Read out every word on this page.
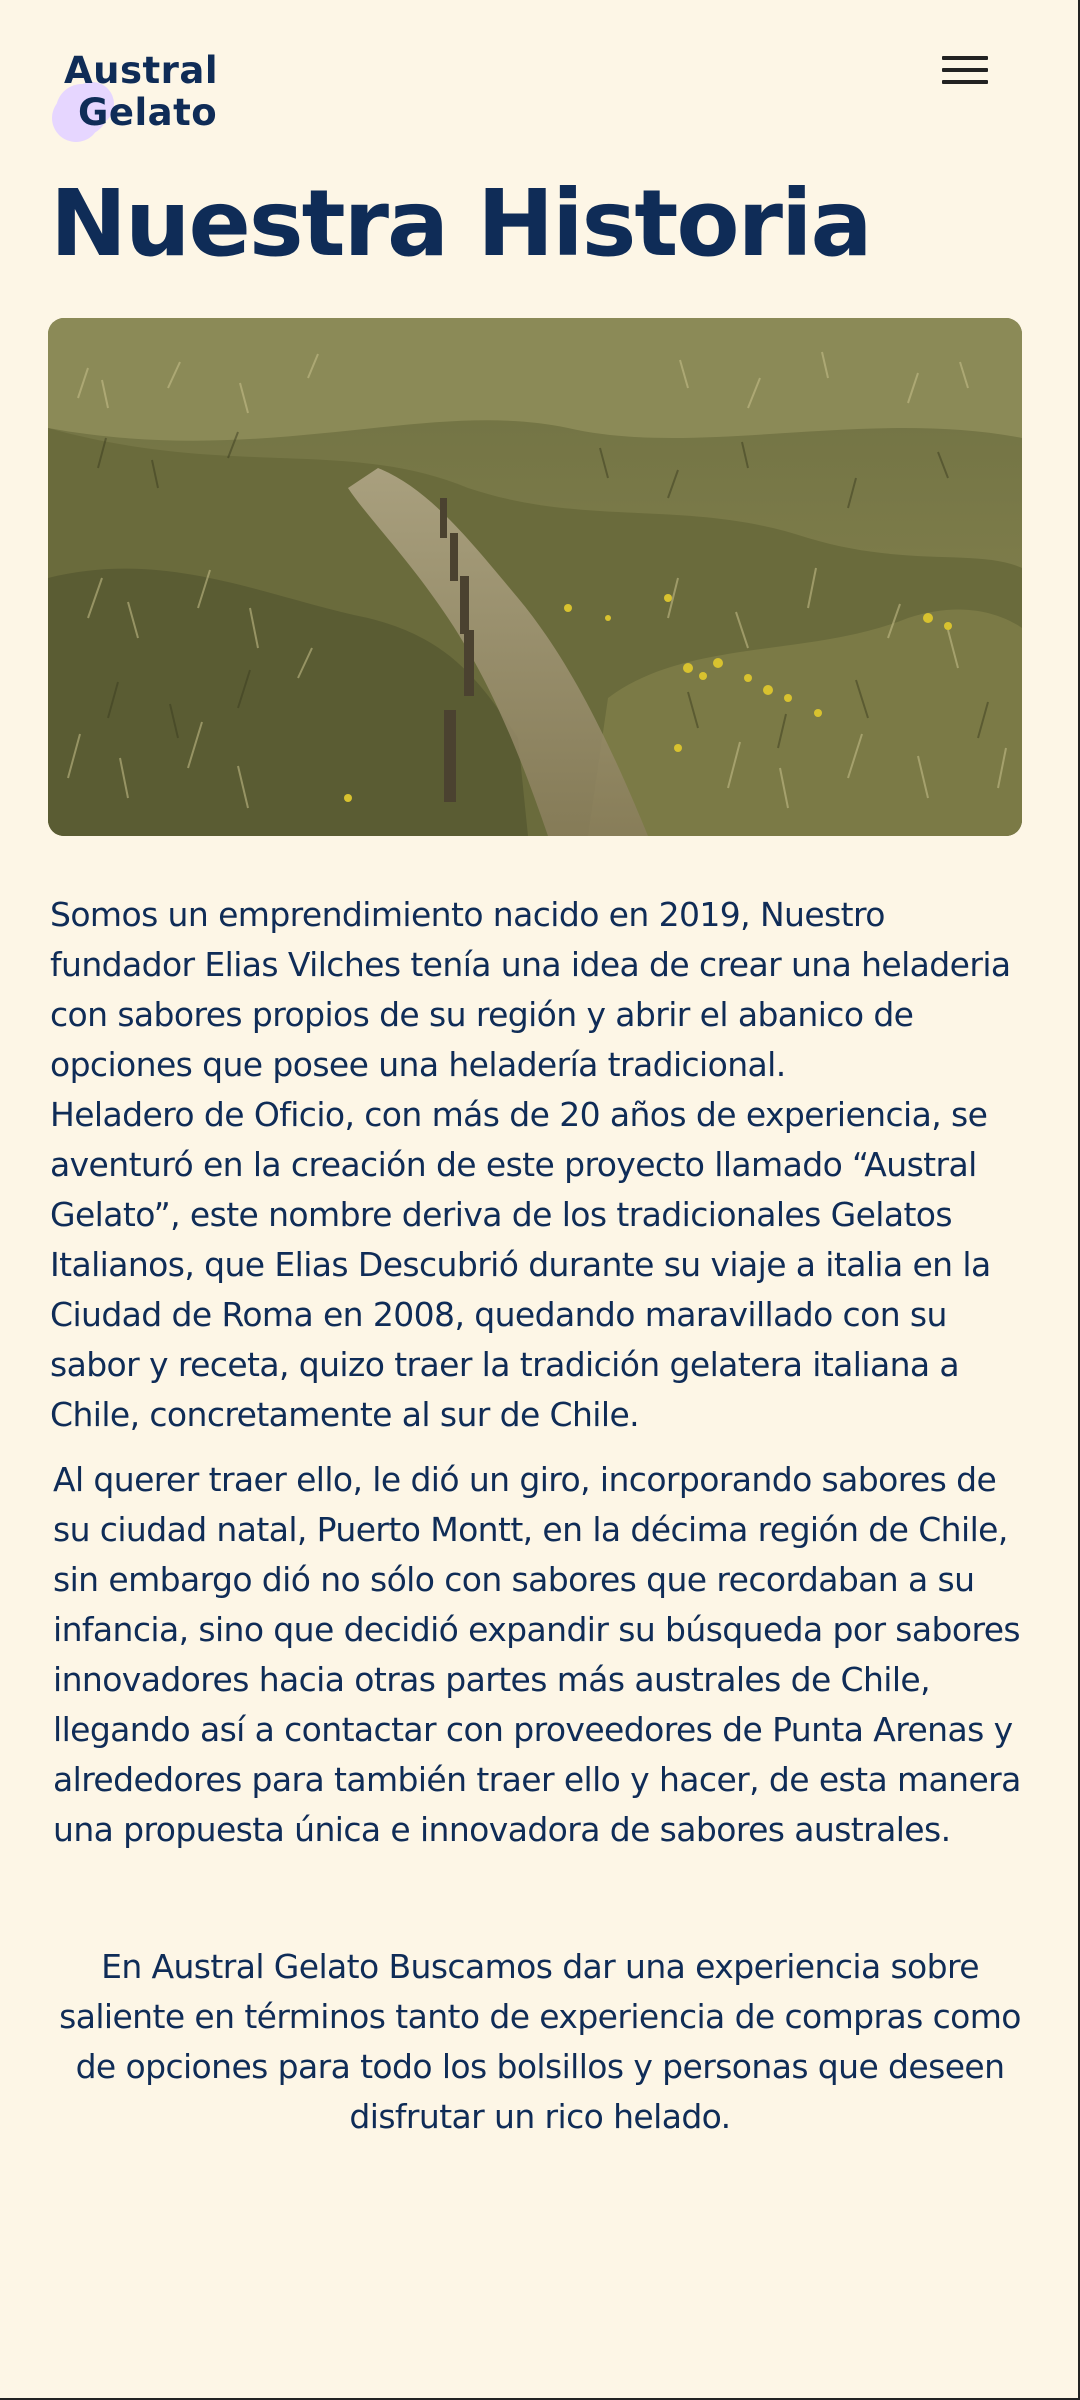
Austral
Gelato
Nuestra Historia
Somos un emprendimiento nacido en 2019, Nuestro fundador Elias Vilches tenía una idea de crear una heladeria con sabores propios de su región y abrir el abanico de opciones que posee una heladería tradicional.
Heladero de Oficio, con más de 20 años de experiencia, se aventuró en la creación de este proyecto llamado “Austral Gelato”, este nombre deriva de los tradicionales Gelatos Italianos, que Elias Descubrió durante su viaje a italia en la Ciudad de Roma en 2008, quedando maravillado con su sabor y receta, quizo traer la tradición gelatera italiana a Chile, concretamente al sur de Chile.

Al querer traer ello, le dió un giro, incorporando sabores de su ciudad natal, Puerto Montt, en la décima región de Chile, sin embargo dió no sólo con sabores que recordaban a su infancia, sino que decidió expandir su búsqueda por sabores innovadores hacia otras partes más australes de Chile, llegando así a contactar con proveedores de Punta Arenas y alrededores para también traer ello y hacer, de esta manera una propuesta única e innovadora de sabores australes.

En Austral Gelato Buscamos dar una experiencia sobre saliente en términos tanto de experiencia de compras como de opciones para todo los bolsillos y personas que deseen disfrutar un rico helado.
